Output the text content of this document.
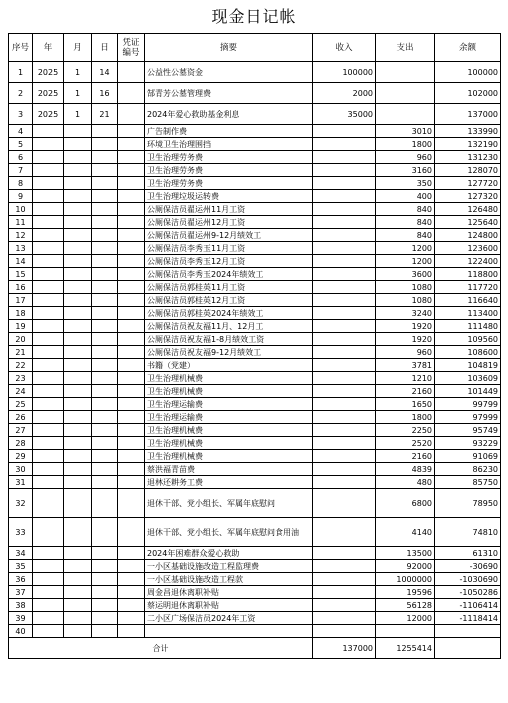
现金日记帐
序号	年	月	日	凭证编号	摘要	收入	支出	余额
1	2025	1	14		公益性公墓资金	100000		100000
2	2025	1	16		郜青芳公墓管理费	2000		102000
3	2025	1	21		2024年爱心救助基金利息	35000		137000
4					广告制作费		3010	133990
5					环境卫生治理围挡		1800	132190
6					卫生治理劳务费		960	131230
7					卫生治理劳务费		3160	128070
8					卫生治理劳务费		350	127720
9					卫生治理垃圾运转费		400	127320
10					公厕保洁员翟运州11月工资		840	126480
11					公厕保洁员翟运州12月工资		840	125640
12					公厕保洁员翟运州9-12月绩效工		840	124800
13					公厕保洁员李秀玉11月工资		1200	123600
14					公厕保洁员李秀玉12月工资		1200	122400
15					公厕保洁员李秀玉2024年绩效工		3600	118800
16					公厕保洁员郭桂英11月工资		1080	117720
17					公厕保洁员郭桂英12月工资		1080	116640
18					公厕保洁员郭桂英2024年绩效工		3240	113400
19					公厕保洁员祝友福11月、12月工		1920	111480
20					公厕保洁员祝友福1-8月绩效工资		1920	109560
21					公厕保洁员祝友福9-12月绩效工		960	108600
22					书籍（党建）		3781	104819
23					卫生治理机械费		1210	103609
24					卫生治理机械费		2160	101449
25					卫生治理运输费		1650	99799
26					卫生治理运输费		1800	97999
27					卫生治理机械费		2250	95749
28					卫生治理机械费		2520	93229
29					卫生治理机械费		2160	91069
30					蔡洪福青苗费		4839	86230
31					退林还耕务工费		480	85750
32					退休干部、党小组长、军属年底慰问		6800	78950
33					退休干部、党小组长、军属年底慰问食用油		4140	74810
34					2024年困难群众爱心救助		13500	61310
35					一小区基础设施改造工程监理费		92000	-30690
36					一小区基础设施改造工程款		1000000	-1030690
37					周金昌退休离职补贴		19596	-1050286
38					蔡运明退休离职补贴		56128	-1106414
39					二小区广场保洁员2024年工资		12000	-1118414
40								
合计						137000	1255414	
